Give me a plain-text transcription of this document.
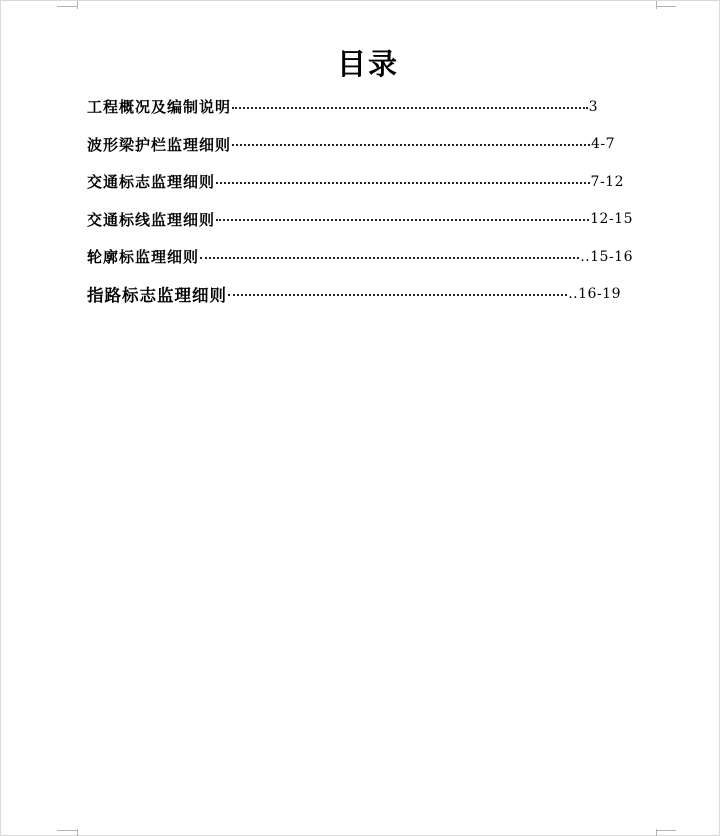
目录
工程概况及编制说明	3
波形梁护栏监理细则	4-7
交通标志监理细则	7-12
交通标线监理细则	12-15
轮廓标监理细则	..15-16
指路标志监理细则	..16-19
